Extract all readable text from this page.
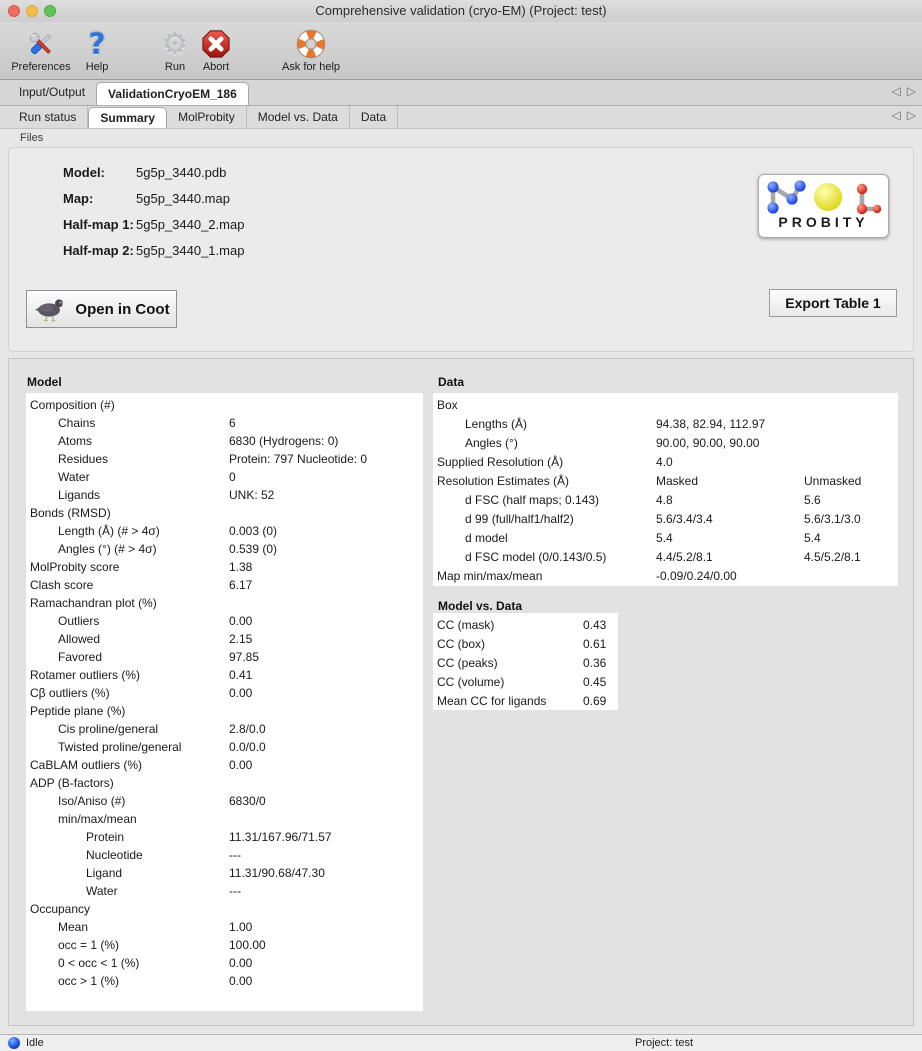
Comprehensive validation (cryo-EM) (Project: test)
Preferences
?
Help
⚙
Run Abort	Ask for help
Input/Output	ValidationCryoEM_186	◁ ▷
Run status	Summary	MolProbity	Model vs. Data	Data	◁ ▷
Files
Model:	5g5p_3440.pdb
Map:	5g5p_3440.map
Half-map 1: 5g5p_3440_2.map
Half-map 2: 5g5p_3440_1.map
PROBITY
Open in Coot	Export Table 1
Model
Composition (#)
Chains	6
Atoms	6830 (Hydrogens: 0)
Residues	Protein: 797 Nucleotide: 0
Water	0
Ligands	UNK: 52
Bonds (RMSD)
Length (Å) (# > 4σ)	0.003 (0)
Angles (°) (# > 4σ)	0.539 (0)
MolProbity score	1.38
Clash score	6.17
Ramachandran plot (%)
Outliers	0.00
Allowed	2.15
Favored	97.85
Rotamer outliers (%)	0.41
Cβ outliers (%)	0.00
Peptide plane (%)
Cis proline/general	2.8/0.0
Twisted proline/general	0.0/0.0
CaBLAM outliers (%)	0.00
ADP (B-factors)
Iso/Aniso (#)	6830/0
min/max/mean
Protein	11.31/167.96/71.57
Nucleotide	---
Ligand	11.31/90.68/47.30
Water	---
Occupancy
Mean	1.00
occ = 1 (%)	100.00
0 < occ < 1 (%)	0.00
occ > 1 (%)	0.00
Data
Box
Lengths (Å)	94.38, 82.94, 112.97
Angles (°)	90.00, 90.00, 90.00
Supplied Resolution (Å)	4.0
Resolution Estimates (Å)	Masked	Unmasked
d FSC (half maps; 0.143)	4.8	5.6
d 99 (full/half1/half2)	5.6/3.4/3.4	5.6/3.1/3.0
d model	5.4	5.4
d FSC model (0/0.143/0.5)	4.4/5.2/8.1	4.5/5.2/8.1
Map min/max/mean	-0.09/0.24/0.00
Model vs. Data
CC (mask)	0.43
CC (box)	0.61
CC (peaks)	0.36
CC (volume)	0.45
Mean CC for ligands	0.69
Idle	Project: test
